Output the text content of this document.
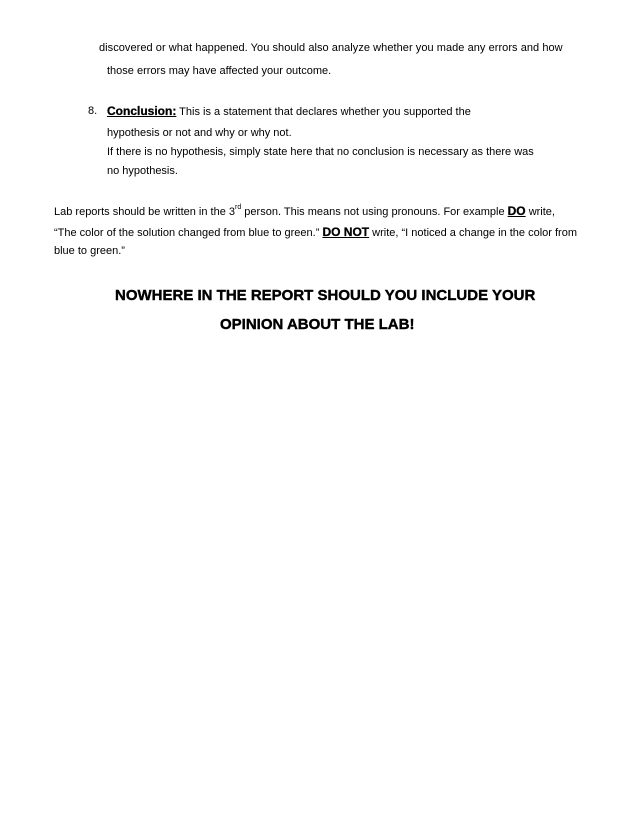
discovered or what happened. You should also analyze whether you made any errors and how
those errors may have affected your outcome.
8. Conclusion: This is a statement that declares whether you supported the
hypothesis or not and why or why not.
If there is no hypothesis, simply state here that no conclusion is necessary as there was
no hypothesis.
Lab reports should be written in the 3rd person. This means not using pronouns. For example DO write,
“The color of the solution changed from blue to green.” DO NOT write, “I noticed a change in the color from
blue to green.”
NOWHERE IN THE REPORT SHOULD YOU INCLUDE YOUR
OPINION ABOUT THE LAB!
